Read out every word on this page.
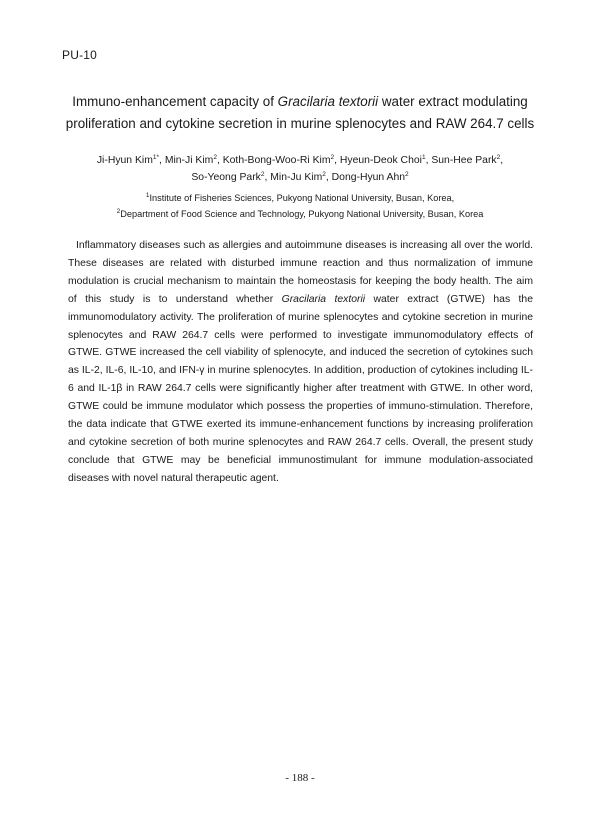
PU-10
Immuno-enhancement capacity of Gracilaria textorii water extract modulating proliferation and cytokine secretion in murine splenocytes and RAW 264.7 cells
Ji-Hyun Kim$^{1*}$, Min-Ji Kim$^2$, Koth-Bong-Woo-Ri Kim$^2$, Hyeun-Deok Choi$^1$, Sun-Hee Park$^2$,
So-Yeong Park$^2$, Min-Ju Kim$^2$, Dong-Hyun Ahn$^2$
$^1$Institute of Fisheries Sciences, Pukyong National University, Busan, Korea,
$^2$Department of Food Science and Technology, Pukyong National University, Busan, Korea

Inflammatory diseases such as allergies and autoimmune diseases is increasing all over the world. These diseases are related with disturbed immune reaction and thus normalization of immune modulation is crucial mechanism to maintain the homeostasis for keeping the body health. The aim of this study is to understand whether Gracilaria textorii water extract (GTWE) has the immunomodulatory activity. The proliferation of murine splenocytes and cytokine secretion in murine splenocytes and RAW 264.7 cells were performed to investigate immunomodulatory effects of GTWE. GTWE increased the cell viability of splenocyte, and induced the secretion of cytokines such as IL-2, IL-6, IL-10, and IFN-γ in murine splenocytes. In addition, production of cytokines including IL-6 and IL-1β in RAW 264.7 cells were significantly higher after treatment with GTWE. In other word, GTWE could be immune modulator which possess the properties of immuno-stimulation. Therefore, the data indicate that GTWE exerted its immune-enhancement functions by increasing proliferation and cytokine secretion of both murine splenocytes and RAW 264.7 cells. Overall, the present study conclude that GTWE may be beneficial immunostimulant for immune modulation-associated diseases with novel natural therapeutic agent.

- 188 -
